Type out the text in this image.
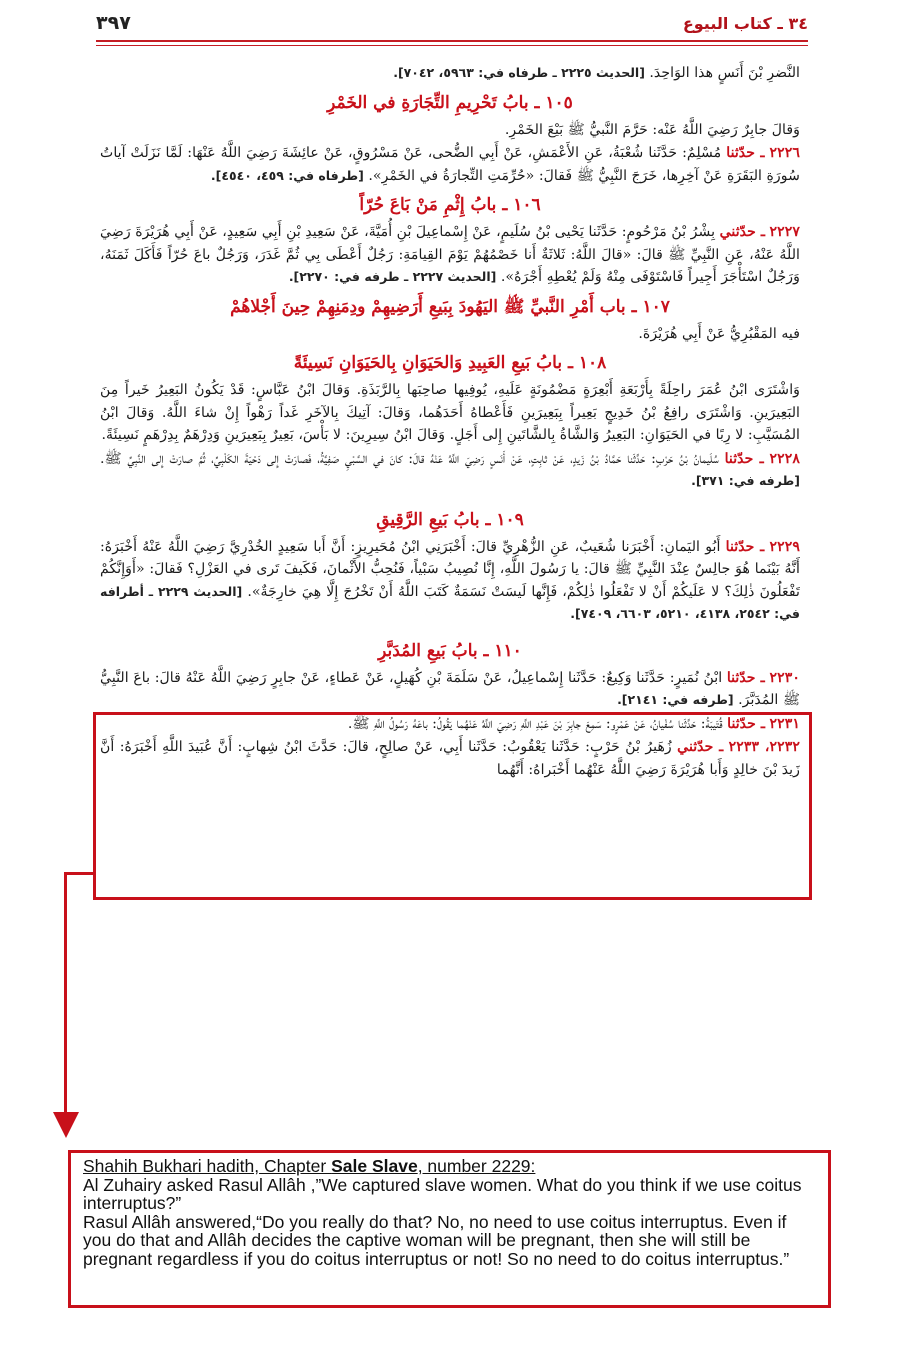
٣٩٧	٣٤ ـ كتاب البيوع

النَّضرِ بْنَ أَنَسٍ هذا الوَاحِدَ. [الحديث ٢٢٢٥ ـ طرفاه في: ٥٩٦٣، ٧٠٤٢].

١٠٥ ـ بابُ تَحْرِيمِ التِّجَارَةِ في الخَمْرِ

وَقالَ جابِرٌ رَضِيَ اللَّهُ عَنْه: حَرَّمَ النَّبيُّ ﷺ بَيْعَ الخَمْرِ.

٢٢٢٦ ـ حدّثنا مُسْلِمٌ: حَدَّثَنا شُعْبَةُ، عَنِ الأَعْمَشِ، عَنْ أَبِي الضُّحى، عَنْ مَسْرُوقٍ، عَنْ عائِشَةَ رَضِيَ اللَّهُ عَنْهَا: لَمَّا نَزَلَتْ آياتُ سُورَةِ البَقَرَةِ عَنْ آخِرِها، خَرَجَ النَّبِيُّ ﷺ فَقالَ: «حُرِّمَتِ التِّجارَةُ في الخَمْرِ». [طرفاه في: ٤٥٩، ٤٥٤٠].

١٠٦ ـ بابُ إِثْمِ مَنْ بَاعَ حُرّاً

٢٢٢٧ ـ حدّثني بِشْرُ بْنُ مَرْحُومٍ: حَدَّثَنا يَحْيى بْنُ سُلَيمٍ، عَنْ إِسْماعِيلَ بْنِ أُمَيَّةَ، عَنْ سَعِيدِ بْنِ أَبِي سَعِيدٍ، عَنْ أَبِي هُرَيْرَةَ رَضِيَ اللَّهُ عَنْهُ، عَنِ النَّبِيِّ ﷺ قالَ: «قالَ اللَّهُ: ثَلاثَةٌ أَنا خَصْمُهُمْ يَوْمَ القِيامَةِ: رَجُلٌ أَعْطَى بِي ثُمَّ غَدَرَ، وَرَجُلٌ باعَ حُرّاً فَأَكَلَ ثَمَنَهُ، وَرَجُلٌ اسْتَأْجَرَ أَجِيراً فَاسْتَوْفَى مِنْهُ وَلَمْ يُعْطِهِ أَجْرَهُ». [الحديث ٢٢٢٧ ـ طرفه في: ٢٢٧٠].

١٠٧ ـ باب أَمْرِ النَّبيِّ ﷺ اليَهُودَ بِبَيعِ أَرَضِيهِمْ ودِمَنِهِمْ حِينَ أَجْلاهُمْ

فيه المَقْبُرِيُّ عَنْ أَبِي هُرَيْرَةَ.

١٠٨ ـ بابُ بَيعِ العَبِيدِ وَالحَيَوَانِ بِالحَيَوَانِ نَسِيئَةً

وَاشْتَرَى ابْنُ عُمَرَ راحِلَةً بِأَرْبَعَةِ أَبْعِرَةٍ مَضْمُونَةٍ عَلَيهِ، يُوفِيها صاحِبَها بِالرَّبَذَةِ. وَقالَ ابْنُ عَبَّاسٍ: قَدْ يَكُونُ البَعِيرُ خَيراً مِنَ البَعِيرَينِ. وَاشْتَرَى رافِعُ بْنُ خَدِيجٍ بَعِيراً بِبَعِيرَينِ فَأَعْطاهُ أَحَدَهُما، وَقالَ: آتِيكَ بِالآخَرِ غَداً رَهْواً إِنْ شاءَ اللَّهُ. وَقالَ ابْنُ المُسَيَّبِ: لا رِبًا في الحَيَوَانِ: البَعِيرُ وَالشَّاةُ بِالشَّاتَينِ إِلى أَجَلٍ. وَقالَ ابْنُ سِيرِينَ: لا بَأْسَ، بَعِيرٌ بِبَعِيرَينِ وَدِرْهَمٌ بِدِرْهَمٍ نَسِيئَةً.

٢٢٢٨ ـ حدّثنا سُلَيمانُ بْنُ حَرْبٍ: حَدَّثَنا حَمَّادُ بْنُ زَيدٍ، عَنْ ثابِتٍ، عَنْ أَنَسٍ رَضِيَ اللَّهُ عَنْهُ قالَ: كانَ في السَّبْيِ صَفِيَّةُ، فَصارَتْ إِلى دَحْيَةَ الكَلْبِيِّ، ثُمَّ صارَتْ إِلى النَّبِيِّ ﷺ. [طرفه في: ٣٧١].

١٠٩ ـ بابُ بَيعِ الرَّقِيقِ

٢٢٢٩ ـ حدّثنا أَبُو اليَمانِ: أَخْبَرَنا شُعَيبٌ، عَنِ الزُّهْرِيِّ قالَ: أَخْبَرَنِي ابْنُ مُحَيرِيزٍ: أَنَّ أَبا سَعِيدٍ الخُدْرِيَّ رَضِيَ اللَّهُ عَنْهُ أَخْبَرَهُ: أَنَّهُ بَيْنَما هُوَ جالِسٌ عِنْدَ النَّبِيِّ ﷺ قالَ: يا رَسُولَ اللَّهِ، إِنَّا نُصِيبُ سَبْياً، فَنُحِبُّ الأَثْمانَ، فَكَيفَ تَرى في العَزْلِ؟ فَقالَ: «أَوَإِنَّكُمْ تَفْعَلُونَ ذٰلِكَ؟ لا عَلَيكُمْ أَنْ لا تَفْعَلُوا ذٰلِكُمْ، فَإِنَّها لَيسَتْ نَسَمَةٌ كَتَبَ اللَّهُ أَنْ تَخْرُجَ إِلَّا هِيَ خارِجَةٌ». [الحديث ٢٢٢٩ ـ أطرافه في: ٢٥٤٢، ٤١٣٨، ٥٢١٠، ٦٦٠٣، ٧٤٠٩].

١١٠ ـ بابُ بَيعِ المُدَبَّرِ

٢٢٣٠ ـ حدّثنا ابْنُ نُمَيرٍ: حَدَّثَنا وَكِيعٌ: حَدَّثَنا إِسْماعِيلُ، عَنْ سَلَمَةَ بْنِ كُهَيلٍ، عَنْ عَطاءٍ، عَنْ جابِرٍ رَضِيَ اللَّهُ عَنْهُ قالَ: باعَ النَّبِيُّ ﷺ المُدَبَّرَ. [طرفه في: ٢١٤١].

٢٢٣١ ـ حدّثنا قُتَيبَةُ: حَدَّثَنا سُفْيانُ، عَنْ عَمْرٍو: سَمِعَ جابِرَ بْنَ عَبْدِ اللَّهِ رَضِيَ اللَّهُ عَنْهُما يَقُولُ: باعَهُ رَسُولُ اللَّهِ ﷺ.

٢٢٣٢، ٢٢٣٣ ـ حدّثني زُهَيرُ بْنُ حَرْبٍ: حَدَّثَنا يَعْقُوبُ: حَدَّثَنا أَبِي، عَنْ صالِحٍ، قالَ: حَدَّثَ ابْنُ شِهابٍ: أَنَّ عُبَيدَ اللَّهِ أَخْبَرَهُ: أَنَّ زَيدَ بْنَ خالِدٍ وَأَبا هُرَيْرَةَ رَضِيَ اللَّهُ عَنْهُما أَخْبَراهُ: أَنَّهُما

Shahih Bukhari hadith, Chapter Sale Slave, number 2229:

Al Zuhairy asked Rasul Allâh ,”We captured slave women. What do you think if we use coitus interruptus?”

Rasul Allâh answered,“Do you really do that? No, no need to use coitus interruptus. Even if you do that and Allâh decides the captive woman will be pregnant, then she will still be pregnant regardless if you do coitus interruptus or not! So no need to do coitus interruptus.”
